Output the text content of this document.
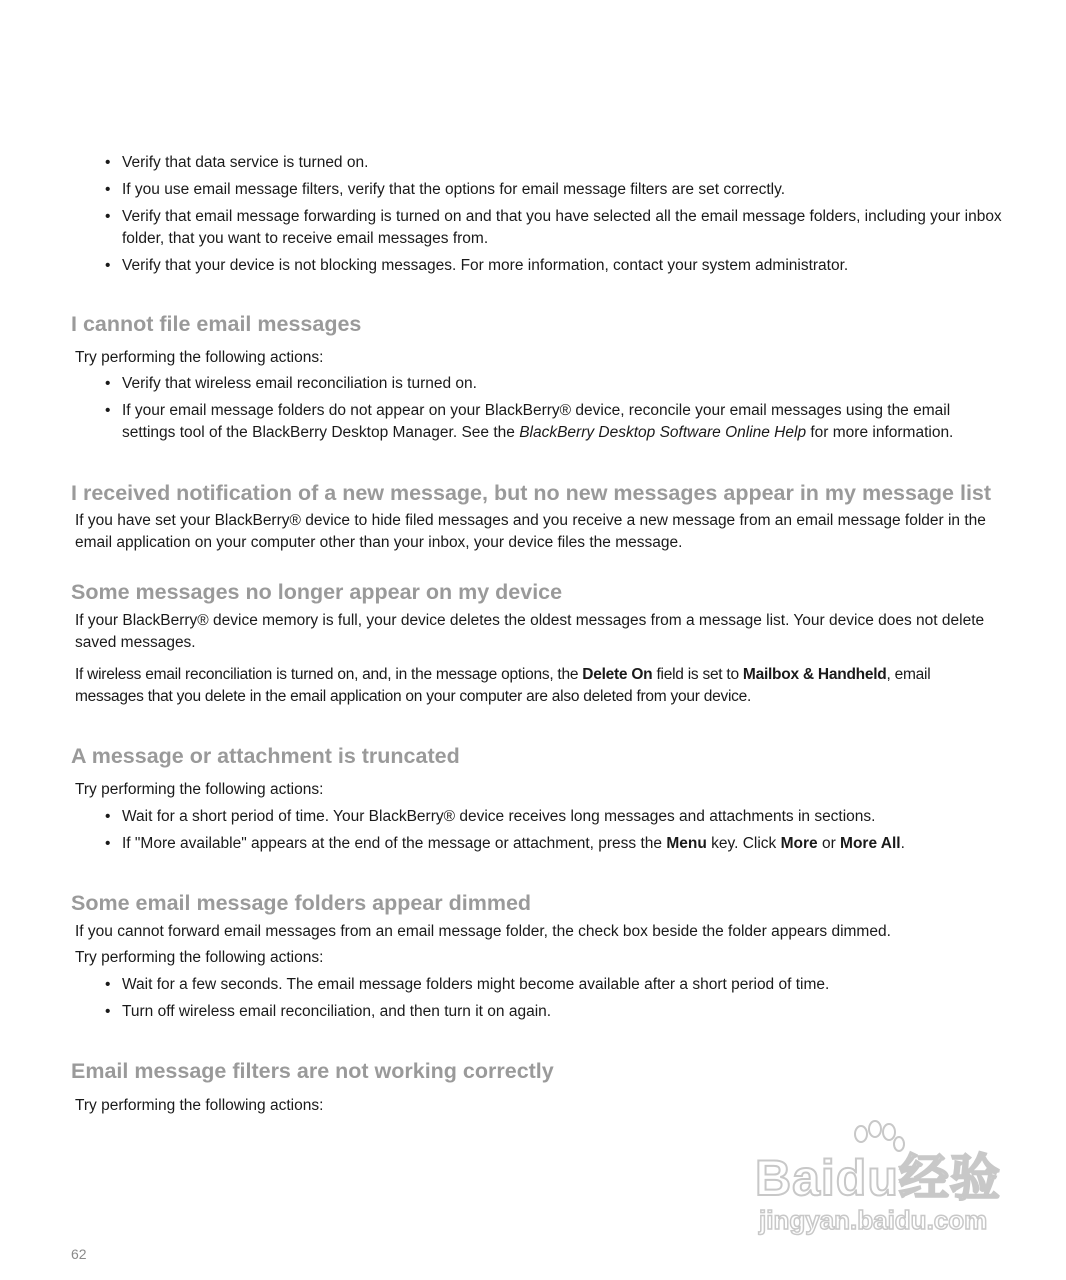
• Verify that data service is turned on.
• If you use email message filters, verify that the options for email message filters are set correctly.
• Verify that email message forwarding is turned on and that you have selected all the email message folders, including your inbox folder, that you want to receive email messages from.
• Verify that your device is not blocking messages. For more information, contact your system administrator.
I cannot file email messages
Try performing the following actions:
• Verify that wireless email reconciliation is turned on.
• If your email message folders do not appear on your BlackBerry® device, reconcile your email messages using the email settings tool of the BlackBerry Desktop Manager. See the BlackBerry Desktop Software Online Help for more information.
I received notification of a new message, but no new messages appear in my message list
If you have set your BlackBerry® device to hide filed messages and you receive a new message from an email message folder in the email application on your computer other than your inbox, your device files the message.
Some messages no longer appear on my device
If your BlackBerry® device memory is full, your device deletes the oldest messages from a message list. Your device does not delete saved messages.
If wireless email reconciliation is turned on, and, in the message options, the Delete On field is set to Mailbox & Handheld, email messages that you delete in the email application on your computer are also deleted from your device.
A message or attachment is truncated
Try performing the following actions:
• Wait for a short period of time. Your BlackBerry® device receives long messages and attachments in sections.
• If "More available" appears at the end of the message or attachment, press the Menu key. Click More or More All.
Some email message folders appear dimmed
If you cannot forward email messages from an email message folder, the check box beside the folder appears dimmed.
Try performing the following actions:
• Wait for a few seconds. The email message folders might become available after a short period of time.
• Turn off wireless email reconciliation, and then turn it on again.
Email message filters are not working correctly
Try performing the following actions:
Baidu经验
jingyan.baidu.com
62
